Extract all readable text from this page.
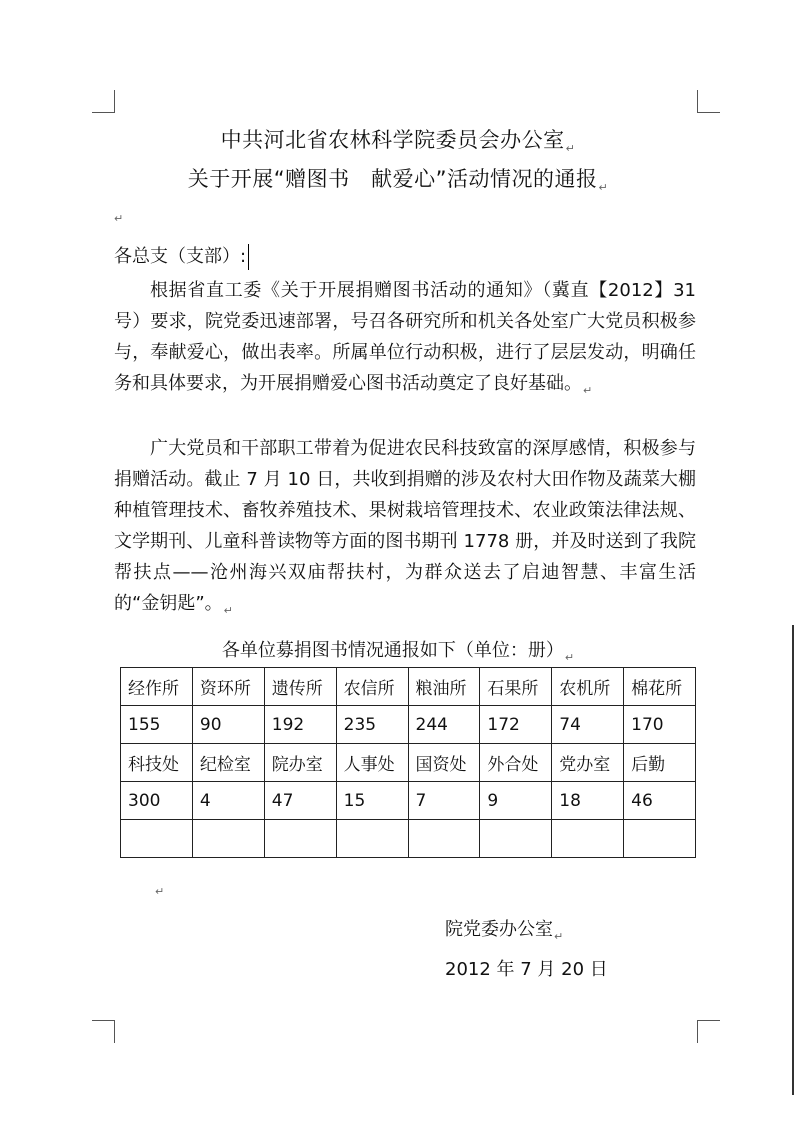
中共河北省农林科学院委员会办公室$_↵$
关于开展“赠图书　献爱心”活动情况的通报$_↵$
↵
各总支（支部）:
根据省直工委《关于开展捐赠图书活动的通知》（冀直【2012】31 号）要求，院党委迅速部署，号召各研究所和机关各处室广大党员积极参与，奉献爱心，做出表率。所属单位行动积极，进行了层层发动，明确任务和具体要求，为开展捐赠爱心图书活动奠定了良好基础。$_↵$
广大党员和干部职工带着为促进农民科技致富的深厚感情，积极参与捐赠活动。截止 7 月 10 日，共收到捐赠的涉及农村大田作物及蔬菜大棚种植管理技术、畜牧养殖技术、果树栽培管理技术、农业政策法律法规、文学期刊、儿童科普读物等方面的图书期刊 1778 册，并及时送到了我院帮扶点——沧州海兴双庙帮扶村，为群众送去了启迪智慧、丰富生活的“金钥匙”。$_↵$
各单位募捐图书情况通报如下（单位：册）$_↵$
经作所	资环所	遗传所	农信所	粮油所	石果所	农机所	棉花所
155	90	192	235	244	172	74	170
科技处	纪检室	院办室	人事处	国资处	外合处	党办室	后勤
300	4	47	15	7	9	18	46

↵
院党委办公室$_↵$
2012 年 7 月 20 日
